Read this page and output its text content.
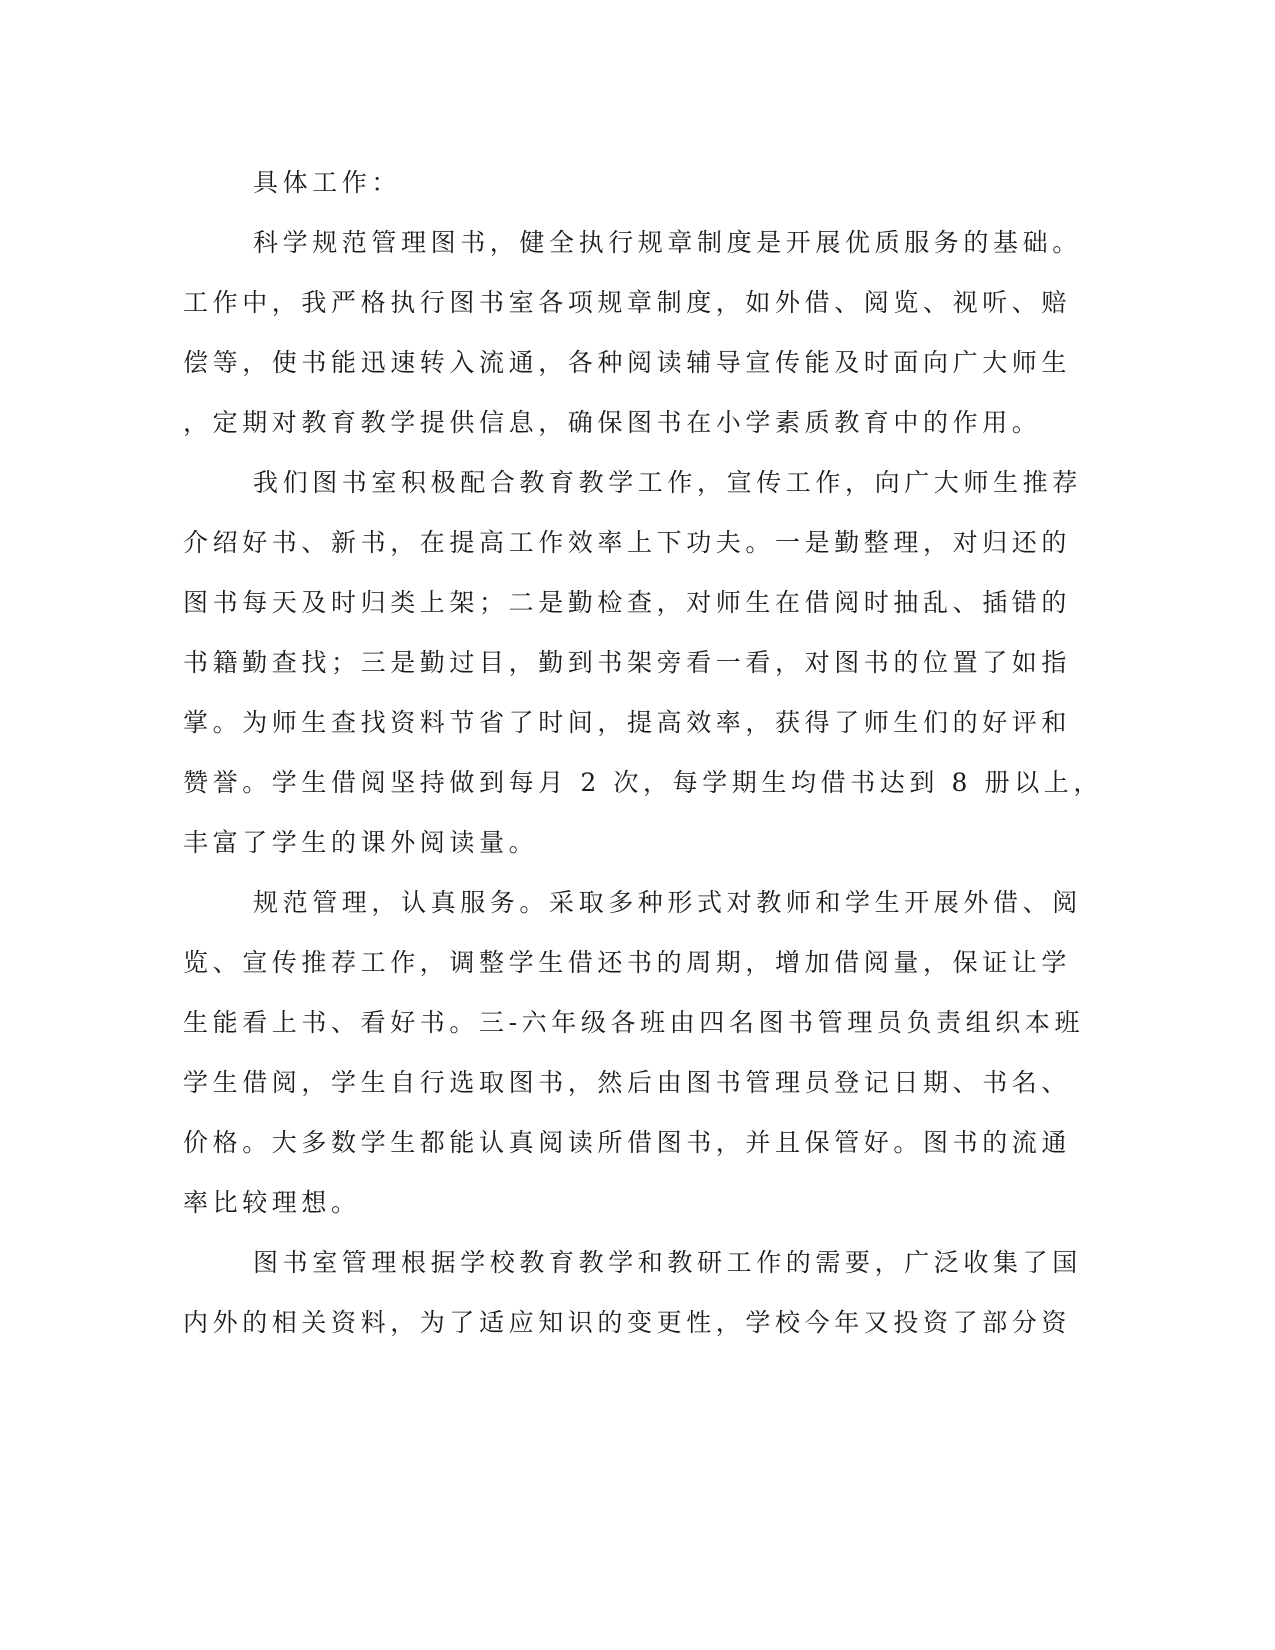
具体工作：
科学规范管理图书，健全执行规章制度是开展优质服务的基础。
工作中，我严格执行图书室各项规章制度，如外借、阅览、视听、赔
偿等，使书能迅速转入流通，各种阅读辅导宣传能及时面向广大师生
，定期对教育教学提供信息，确保图书在小学素质教育中的作用。
我们图书室积极配合教育教学工作，宣传工作，向广大师生推荐
介绍好书、新书，在提高工作效率上下功夫。一是勤整理，对归还的
图书每天及时归类上架；二是勤检查，对师生在借阅时抽乱、插错的
书籍勤查找；三是勤过目，勤到书架旁看一看，对图书的位置了如指
掌。为师生查找资料节省了时间，提高效率，获得了师生们的好评和
赞誉。学生借阅坚持做到每月 2 次，每学期生均借书达到 8 册以上，
丰富了学生的课外阅读量。
规范管理，认真服务。采取多种形式对教师和学生开展外借、阅
览、宣传推荐工作，调整学生借还书的周期，增加借阅量，保证让学
生能看上书、看好书。三-六年级各班由四名图书管理员负责组织本班
学生借阅，学生自行选取图书，然后由图书管理员登记日期、书名、
价格。大多数学生都能认真阅读所借图书，并且保管好。图书的流通
率比较理想。
图书室管理根据学校教育教学和教研工作的需要，广泛收集了国
内外的相关资料，为了适应知识的变更性，学校今年又投资了部分资
